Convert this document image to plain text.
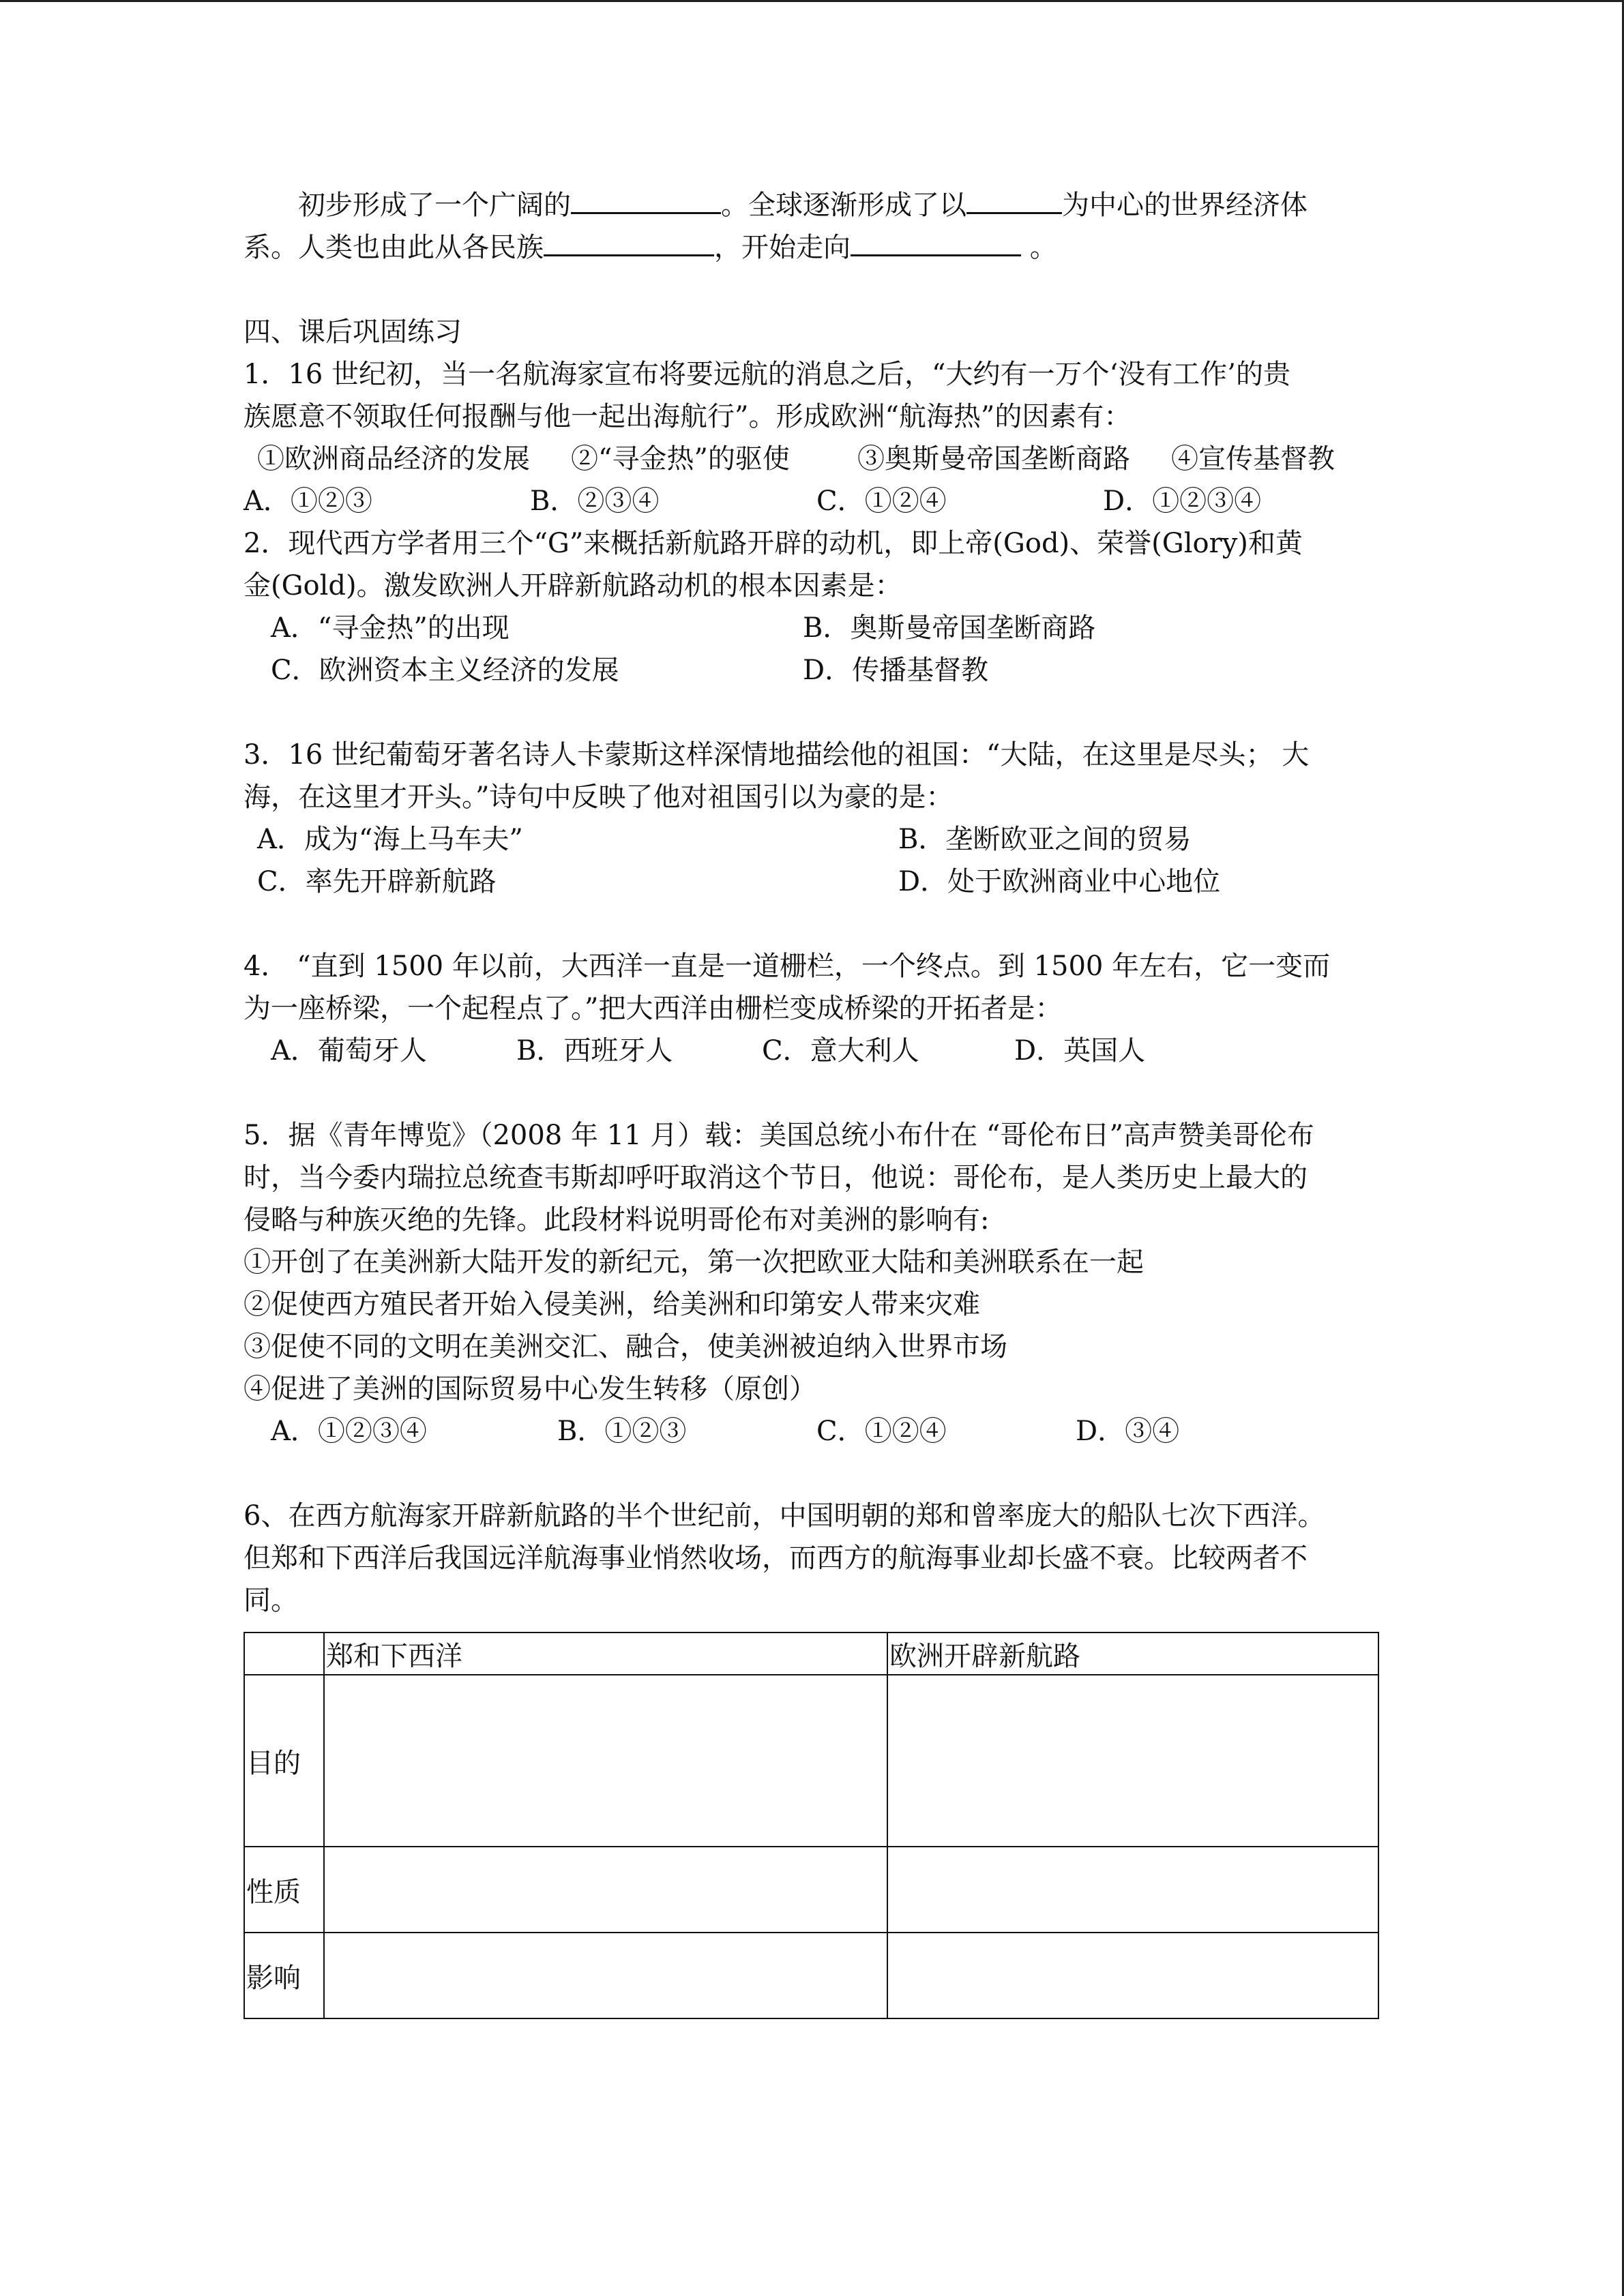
初步形成了一个广阔的	。全球逐渐形成了以	为中心的世界经济体
系。人类也由此从各民族	，开始走向	。
四、课后巩固练习
1．16 世纪初，当一名航海家宣布将要远航的消息之后，“大约有一万个‘没有工作’的贵
族愿意不领取任何报酬与他一起出海航行”。形成欧洲“航海热”的因素有：
①欧洲商品经济的发展 ②“寻金热”的驱使 ③奥斯曼帝国垄断商路 ④宣传基督教
A．①②③	B．②③④	C．①②④	D．①②③④
2．现代西方学者用三个“G”来概括新航路开辟的动机，即上帝(God)、荣誉(Glory)和黄
金(Gold)。激发欧洲人开辟新航路动机的根本因素是：
A．“寻金热”的出现	B．奥斯曼帝国垄断商路
C．欧洲资本主义经济的发展	D．传播基督教
3．16 世纪葡萄牙著名诗人卡蒙斯这样深情地描绘他的祖国：“大陆，在这里是尽头； 大
海，在这里才开头。”诗句中反映了他对祖国引以为豪的是：
A．成为“海上马车夫”	B．垄断欧亚之间的贸易
C．率先开辟新航路	D．处于欧洲商业中心地位
4． “直到 1500 年以前，大西洋一直是一道栅栏，一个终点。到 1500 年左右，它一变而
为一座桥梁，一个起程点了。”把大西洋由栅栏变成桥梁的开拓者是：
A．葡萄牙人	B．西班牙人	C．意大利人	D．英国人
5．据《青年博览》（2008 年 11 月）载：美国总统小布什在 “哥伦布日”高声赞美哥伦布
时，当今委内瑞拉总统查韦斯却呼吁取消这个节日，他说：哥伦布，是人类历史上最大的
侵略与种族灭绝的先锋。此段材料说明哥伦布对美洲的影响有:
①开创了在美洲新大陆开发的新纪元，第一次把欧亚大陆和美洲联系在一起
②促使西方殖民者开始入侵美洲，给美洲和印第安人带来灾难
③促使不同的文明在美洲交汇、融合，使美洲被迫纳入世界市场
④促进了美洲的国际贸易中心发生转移（原创）
A．①②③④	B．①②③	C．①②④	D．③④
6、在西方航海家开辟新航路的半个世纪前，中国明朝的郑和曾率庞大的船队七次下西洋。
但郑和下西洋后我国远洋航海事业悄然收场，而西方的航海事业却长盛不衰。比较两者不
同。
	郑和下西洋	欧洲开辟新航路
目的		
性质		
影响		
